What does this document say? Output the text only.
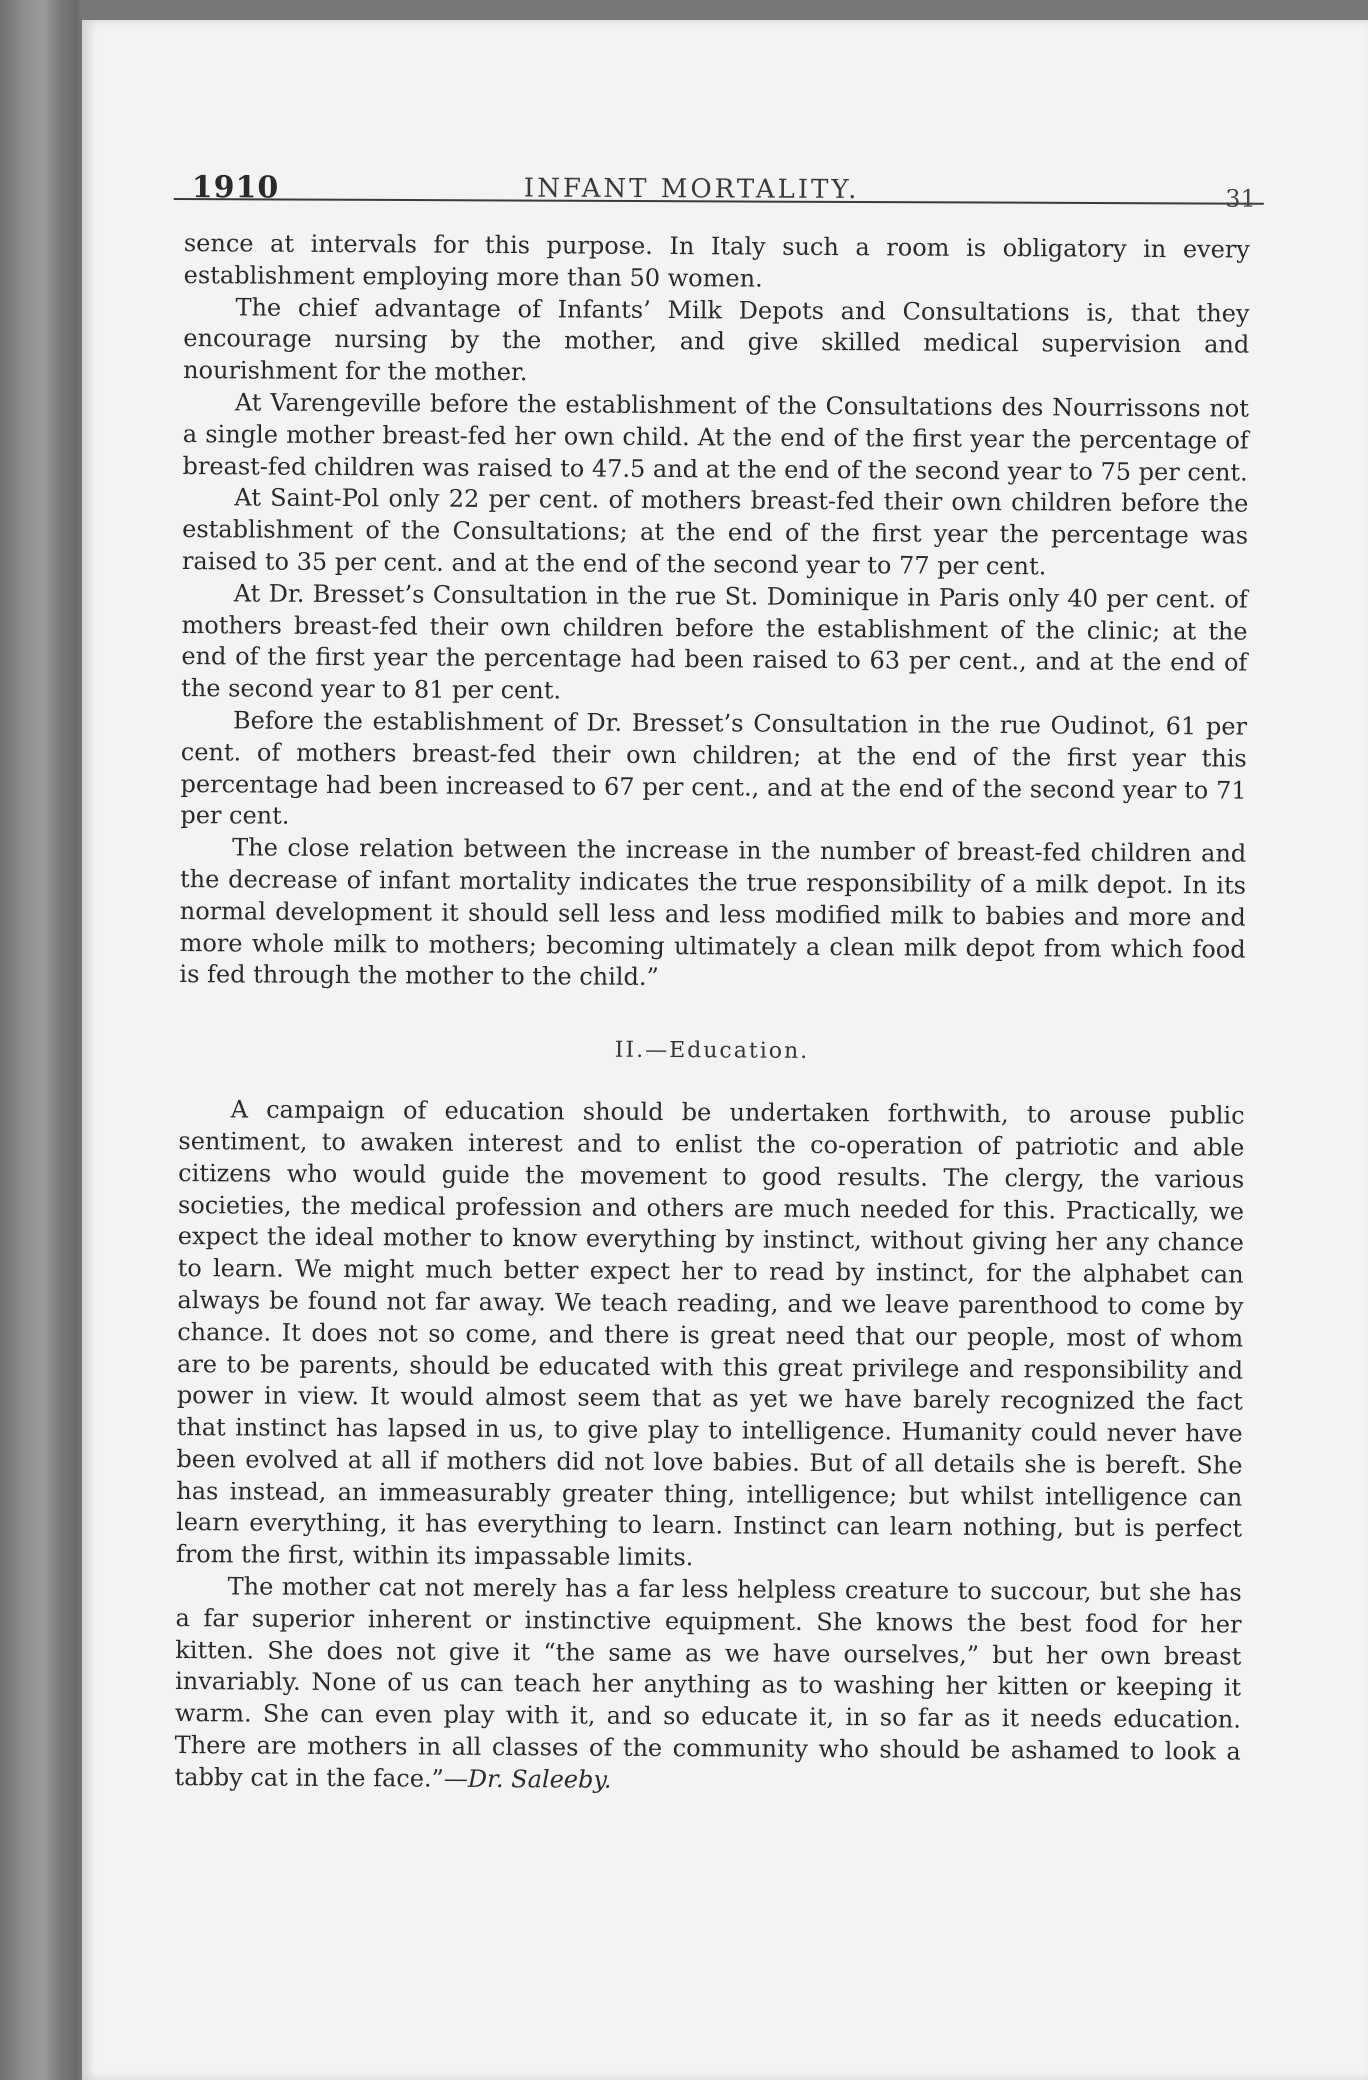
1910	INFANT MORTALITY.	31

sence at intervals for this purpose. In Italy such a room is obligatory in every establishment employing more than 50 women.

The chief advantage of Infants’ Milk Depots and Consultations is, that they encourage nursing by the mother, and give skilled medical supervision and nourishment for the mother.

At Varengeville before the establishment of the Consultations des Nourrissons not a single mother breast-fed her own child. At the end of the first year the percentage of breast-fed children was raised to 47.5 and at the end of the second year to 75 per cent.

At Saint-Pol only 22 per cent. of mothers breast-fed their own children before the establishment of the Consultations; at the end of the first year the percentage was raised to 35 per cent. and at the end of the second year to 77 per cent.

At Dr. Bresset’s Consultation in the rue St. Dominique in Paris only 40 per cent. of mothers breast-fed their own children before the establishment of the clinic; at the end of the first year the percentage had been raised to 63 per cent., and at the end of the second year to 81 per cent.

Before the establishment of Dr. Bresset’s Consultation in the rue Oudinot, 61 per cent. of mothers breast-fed their own children; at the end of the first year this percentage had been increased to 67 per cent., and at the end of the second year to 71 per cent.

The close relation between the increase in the number of breast-fed children and the decrease of infant mortality indicates the true responsibility of a milk depot. In its normal development it should sell less and less modified milk to babies and more and more whole milk to mothers; becoming ultimately a clean milk depot from which food is fed through the mother to the child.”

II.—Education.

A campaign of education should be undertaken forthwith, to arouse public sentiment, to awaken interest and to enlist the co-operation of patriotic and able citizens who would guide the movement to good results. The clergy, the various societies, the medical profession and others are much needed for this. Practically, we expect the ideal mother to know everything by instinct, without giving her any chance to learn. We might much better expect her to read by instinct, for the alphabet can always be found not far away. We teach reading, and we leave parenthood to come by chance. It does not so come, and there is great need that our people, most of whom are to be parents, should be educated with this great privilege and responsibility and power in view. It would almost seem that as yet we have barely recognized the fact that instinct has lapsed in us, to give play to intelligence. Humanity could never have been evolved at all if mothers did not love babies. But of all details she is bereft. She has instead, an immeasurably greater thing, intelligence; but whilst intelligence can learn everything, it has everything to learn. Instinct can learn nothing, but is perfect from the first, within its impassable limits.

The mother cat not merely has a far less helpless creature to succour, but she has a far superior inherent or instinctive equipment. She knows the best food for her kitten. She does not give it “the same as we have ourselves,” but her own breast invariably. None of us can teach her anything as to washing her kitten or keeping it warm. She can even play with it, and so educate it, in so far as it needs education. There are mothers in all classes of the community who should be ashamed to look a tabby cat in the face.”—Dr. Saleeby.
